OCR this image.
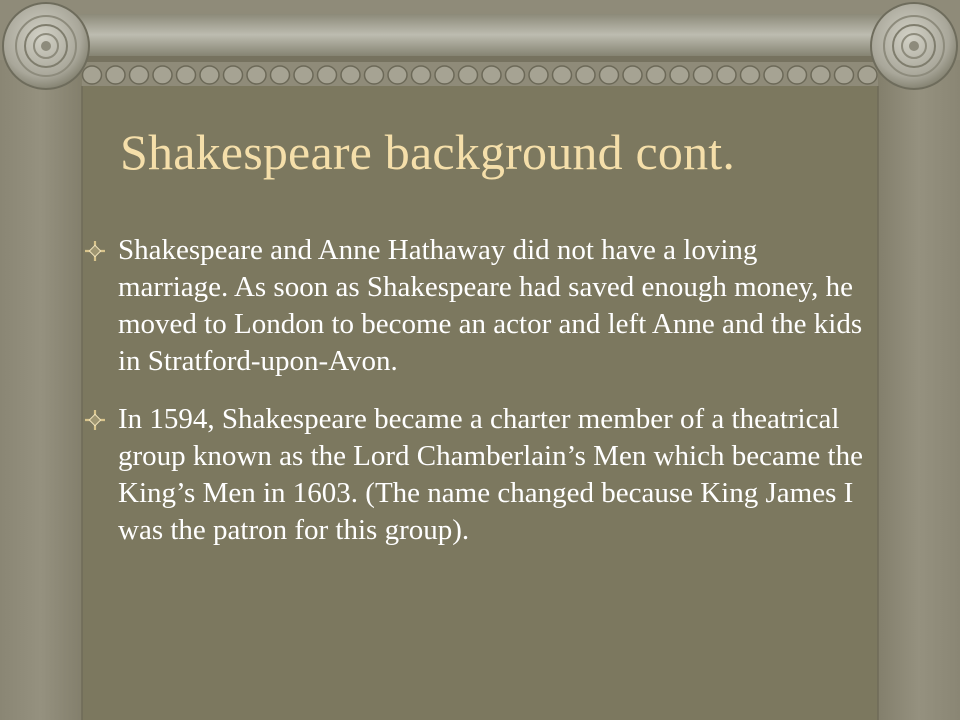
Shakespeare background cont.
Shakespeare and Anne Hathaway did not have a loving marriage. As soon as Shakespeare had saved enough money, he moved to London to become an actor and left Anne and the kids in Stratford-upon-Avon.
In 1594, Shakespeare became a charter member of a theatrical group known as the Lord Chamberlain’s Men which became the King’s Men in 1603. (The name changed because King James I was the patron for this group).
